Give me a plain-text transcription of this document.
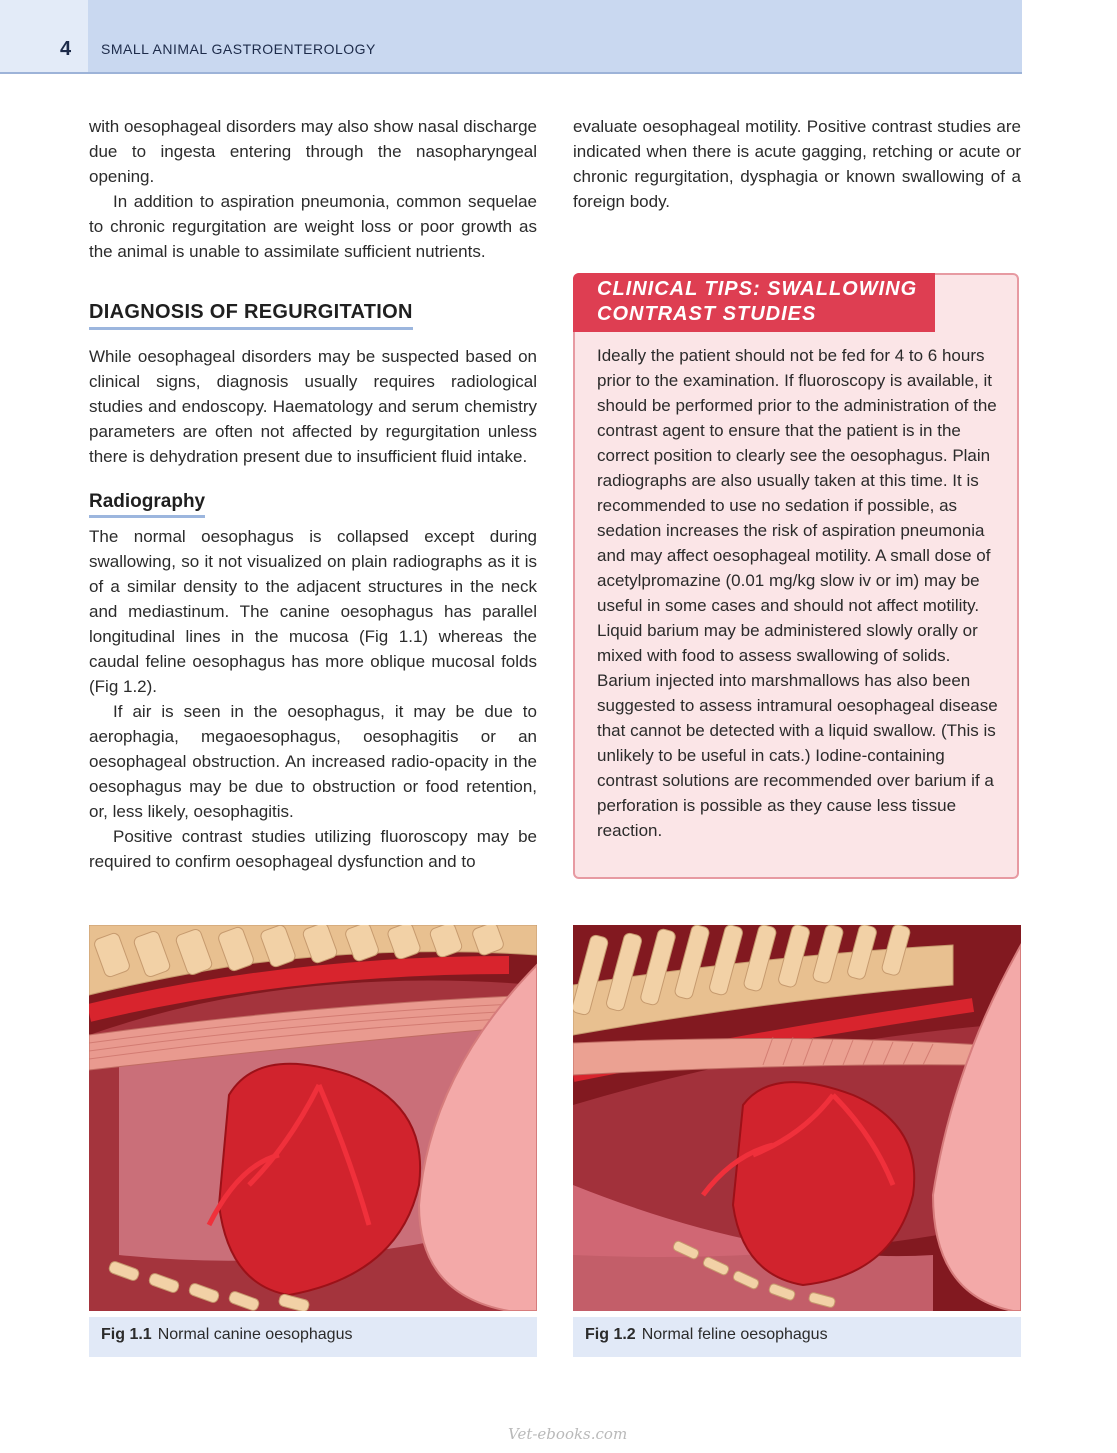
4 SMALL ANIMAL GASTROENTEROLOGY

with oesophageal disorders may also show nasal discharge due to ingesta entering through the nasopharyngeal opening.

In addition to aspiration pneumonia, common sequelae to chronic regurgitation are weight loss or poor growth as the animal is unable to assimilate sufficient nutrients.

DIAGNOSIS OF REGURGITATION

While oesophageal disorders may be suspected based on clinical signs, diagnosis usually requires radiological studies and endoscopy. Haematology and serum chemistry parameters are often not affected by regurgitation unless there is dehydration present due to insufficient fluid intake.

Radiography

The normal oesophagus is collapsed except during swallowing, so it not visualized on plain radiographs as it is of a similar density to the adjacent structures in the neck and mediastinum. The canine oesophagus has parallel longitudinal lines in the mucosa (Fig 1.1) whereas the caudal feline oesophagus has more oblique mucosal folds (Fig 1.2).

If air is seen in the oesophagus, it may be due to aerophagia, megaoesophagus, oesophagitis or an oesophageal obstruction. An increased radio-opacity in the oesophagus may be due to obstruction or food retention, or, less likely, oesophagitis.

Positive contrast studies utilizing fluoroscopy may be required to confirm oesophageal dysfunction and to

evaluate oesophageal motility. Positive contrast studies are indicated when there is acute gagging, retching or acute or chronic regurgitation, dysphagia or known swallowing of a foreign body.

CLINICAL TIPS: SWALLOWING CONTRAST STUDIES
Ideally the patient should not be fed for 4 to 6 hours prior to the examination. If fluoroscopy is available, it should be performed prior to the administration of the contrast agent to ensure that the patient is in the correct position to clearly see the oesophagus. Plain radiographs are also usually taken at this time. It is recommended to use no sedation if possible, as sedation increases the risk of aspiration pneumonia and may affect oesophageal motility. A small dose of acetylpromazine (0.01 mg/kg slow iv or im) may be useful in some cases and should not affect motility. Liquid barium may be administered slowly orally or mixed with food to assess swallowing of solids. Barium injected into marshmallows has also been suggested to assess intramural oesophageal disease that cannot be detected with a liquid swallow. (This is unlikely to be useful in cats.) Iodine-containing contrast solutions are recommended over barium if a perforation is possible as they cause less tissue reaction.
Fig 1.1 Normal canine oesophagus	Fig 1.2 Normal feline oesophagus
Vet-ebooks.com
